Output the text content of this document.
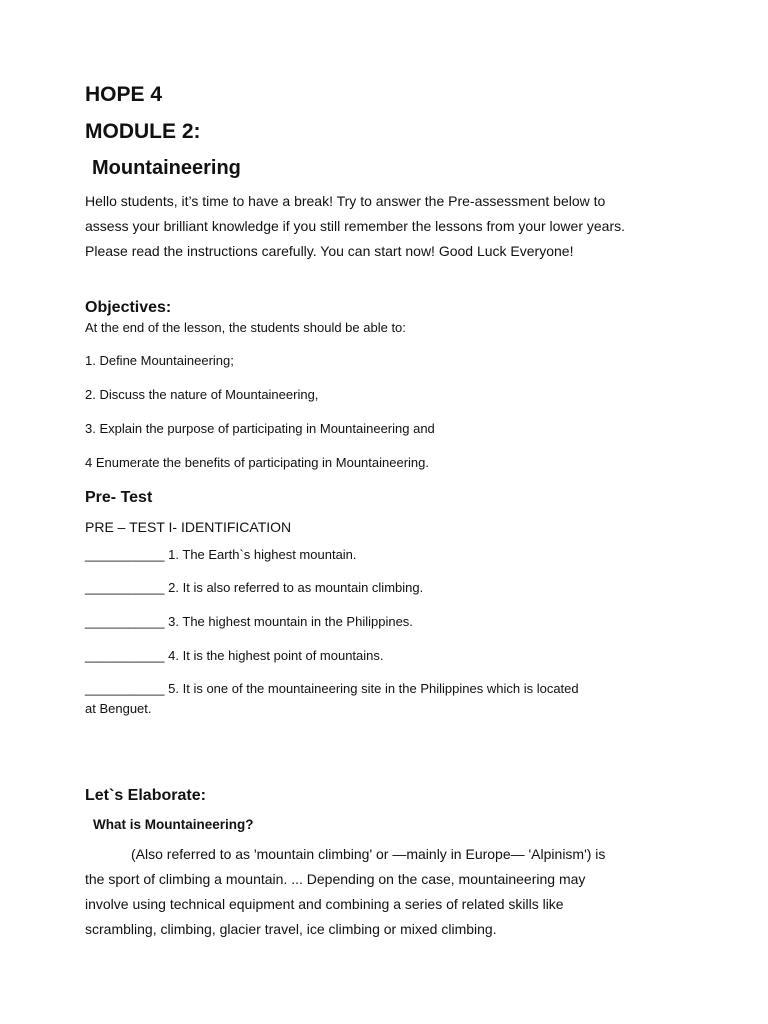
HOPE 4
MODULE 2:
Mountaineering
Hello students, it’s time to have a break! Try to answer the Pre-assessment below to
assess your brilliant knowledge if you still remember the lessons from your lower years.
Please read the instructions carefully. You can start now! Good Luck Everyone!
Objectives:
At the end of the lesson, the students should be able to:
1. Define Mountaineering;
2. Discuss the nature of Mountaineering,
3. Explain the purpose of participating in Mountaineering and
4 Enumerate the benefits of participating in Mountaineering.
Pre- Test
PRE – TEST I- IDENTIFICATION
___________ 1. The Earth`s highest mountain.
___________ 2. It is also referred to as mountain climbing.
___________ 3. The highest mountain in the Philippines.
___________ 4. It is the highest point of mountains.
___________ 5. It is one of the mountaineering site in the Philippines which is located
at Benguet.
Let`s Elaborate:
What is Mountaineering?
(Also referred to as 'mountain climbing' or —mainly in Europe— 'Alpinism') is
the sport of climbing a mountain. ... Depending on the case, mountaineering may
involve using technical equipment and combining a series of related skills like
scrambling, climbing, glacier travel, ice climbing or mixed climbing.
